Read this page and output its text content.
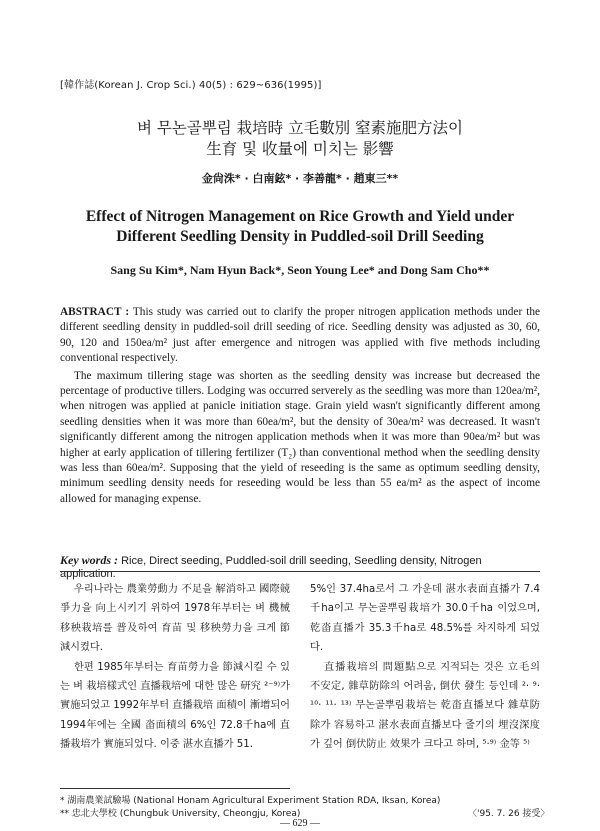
[韓作誌(Korean J. Crop Sci.) 40(5) : 629~636(1995)]
벼 무논골뿌림 栽培時 立毛數別 窒素施肥方法이
生育 및 收量에 미치는 影響
金尙洙* · 白南鉉* · 李善龍* · 趙東三**
Effect of Nitrogen Management on Rice Growth and Yield under
Different Seedling Density in Puddled-soil Drill Seeding
Sang Su Kim*, Nam Hyun Back*, Seon Young Lee* and Dong Sam Cho**

ABSTRACT : This study was carried out to clarify the proper nitrogen application methods under the different seedling density in puddled-soil drill seeding of rice. Seedling density was adjusted as 30, 60, 90, 120 and 150ea/m² just after emergence and nitrogen was applied with five methods including conventional respectively.

The maximum tillering stage was shorten as the seedling density was increase but decreased the percentage of productive tillers. Lodging was occurred serverely as the seedling was more than 120ea/m², when nitrogen was applied at panicle initiation stage. Grain yield wasn't significantly different among seedling densities when it was more than 60ea/m², but the density of 30ea/m² was decreased. It wasn't significantly different among the nitrogen application methods when it was more than 90ea/m² but was higher at early application of tillering fertilizer (T₂) than conventional method when the seedling density was less than 60ea/m². Supposing that the yield of reseeding is the same as optimum seedling density, minimum seedling density needs for reseeding would be less than 55 ea/m² as the aspect of income allowed for managing expense.

Key words : Rice, Direct seeding, Puddled-soil drill seeding, Seedling density, Nitrogen application.

우리나라는 農業勞動力 不足을 解消하고 國際競爭力을 向上시키기 위하여 1978年부터는 벼 機械移秧栽培를 普及하여 育苗 및 移秧勞力을 크게 節減시켰다.

한편 1985年부터는 育苗勞力을 節減시킬 수 있는 벼 栽培樣式인 直播栽培에 대한 많은 研究 ²⁻⁹⁾가 實施되었고 1992年부터 直播栽培 面積이 漸增되어 1994年에는 全國 畓面積의 6%인 72.8千ha에 直播栽培가 實施되었다. 이중 湛水直播가 51.

5%인 37.4ha로서 그 가운데 湛水表面直播가 7.4千ha이고 무논골뿌림栽培가 30.0千ha 이었으며, 乾畓直播가 35.3千ha로 48.5%를 차지하게 되었다.

直播栽培의 問題點으로 지적되는 것은 立毛의 不安定, 雜草防除의 어려움, 倒伏 發生 등인데 ²· ⁹· ¹⁰· ¹¹· ¹³⁾ 무논골뿌림栽培는 乾畓直播보다 雜草防除가 容易하고 湛水表面直播보다 줄기의 埋沒深度가 깊어 倒伏防止 效果가 크다고 하며, ⁵·⁹⁾ 金等 ⁵⁾

* 湖南農業試驗場 (National Honam Agricultural Experiment Station RDA, Iksan, Korea)
** 忠北大學校 (Chungbuk University, Cheongju, Korea)	〈'95. 7. 26 接受〉
— 629 —
